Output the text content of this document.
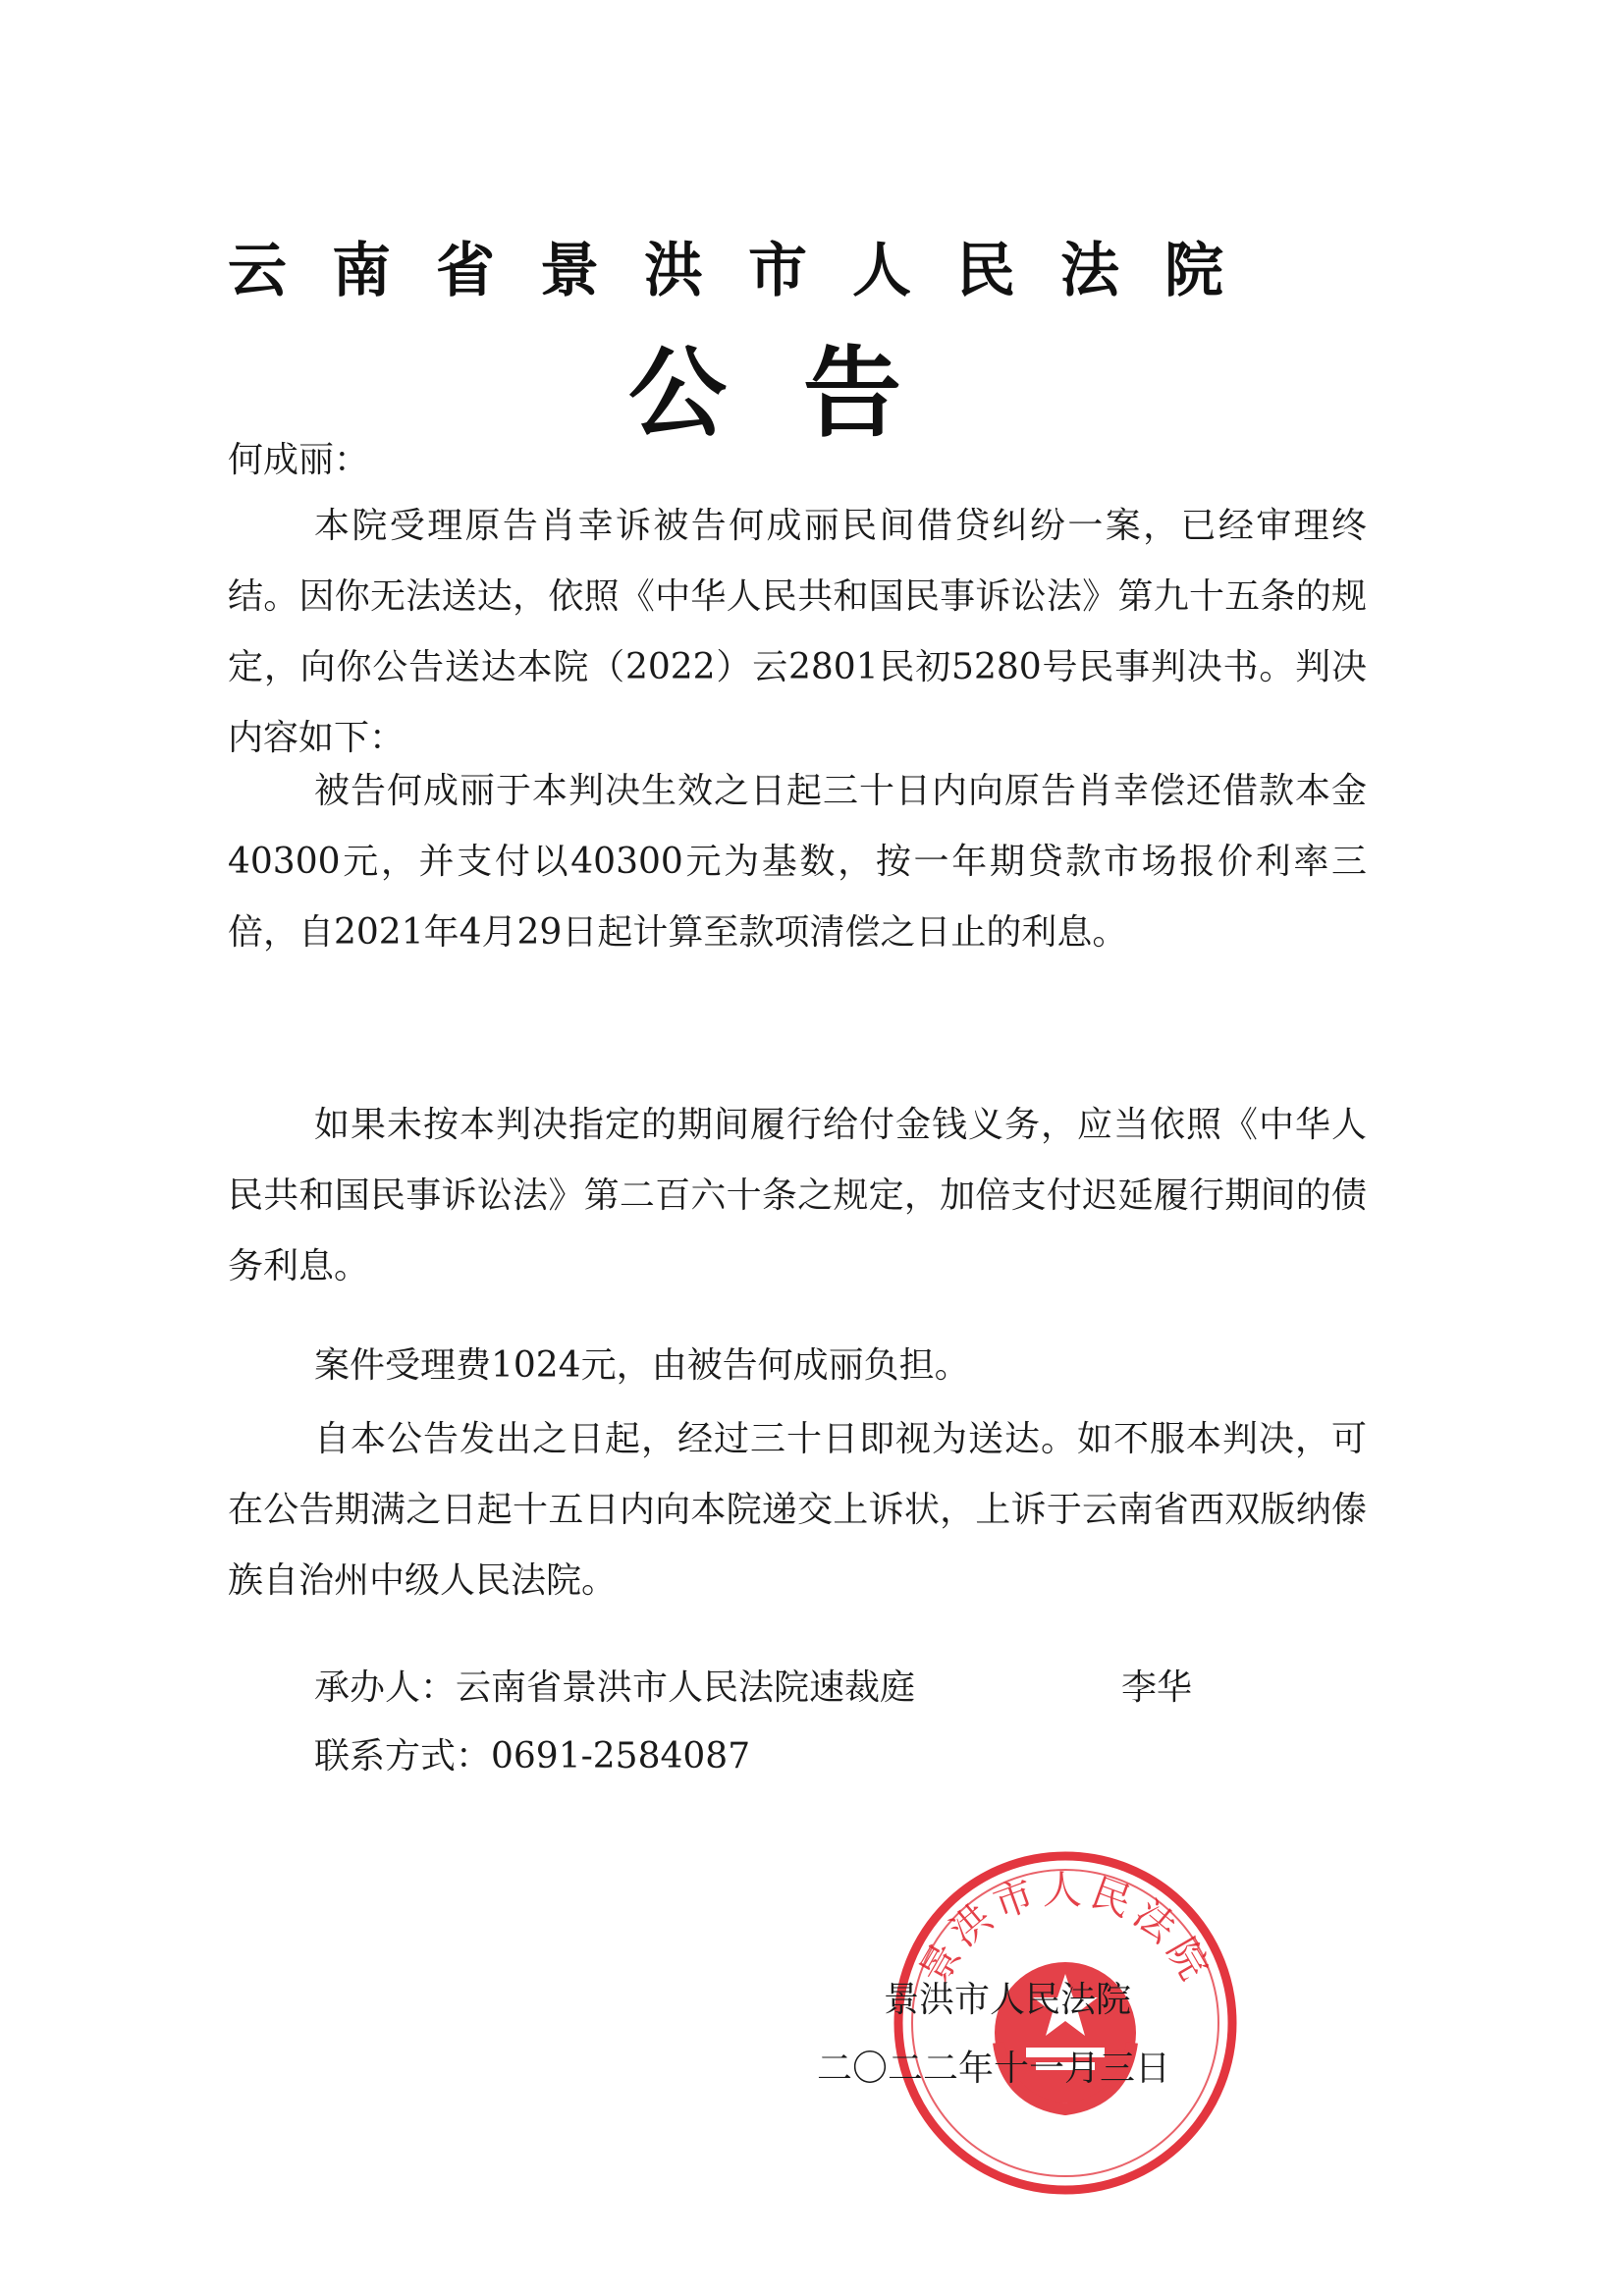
云南省景洪市人民法院
公告
何成丽：

本院受理原告肖幸诉被告何成丽民间借贷纠纷一案，已经审理终结。因你无法送达，依照《中华人民共和国民事诉讼法》第九十五条的规定，向你公告送达本院（2022）云2801民初5280号民事判决书。判决内容如下：

被告何成丽于本判决生效之日起三十日内向原告肖幸偿还借款本金40300元，并支付以40300元为基数，按一年期贷款市场报价利率三倍，自2021年4月29日起计算至款项清偿之日止的利息。

如果未按本判决指定的期间履行给付金钱义务，应当依照《中华人民共和国民事诉讼法》第二百六十条之规定，加倍支付迟延履行期间的债务利息。

案件受理费1024元，由被告何成丽负担。

自本公告发出之日起，经过三十日即视为送达。如不服本判决，可在公告期满之日起十五日内向本院递交上诉状，上诉于云南省西双版纳傣族自治州中级人民法院。

承办人：云南省景洪市人民法院速裁庭	李华
联系方式：0691-2584087
景洪市人民法院
景洪市人民法院
二〇二二年十一月三日
